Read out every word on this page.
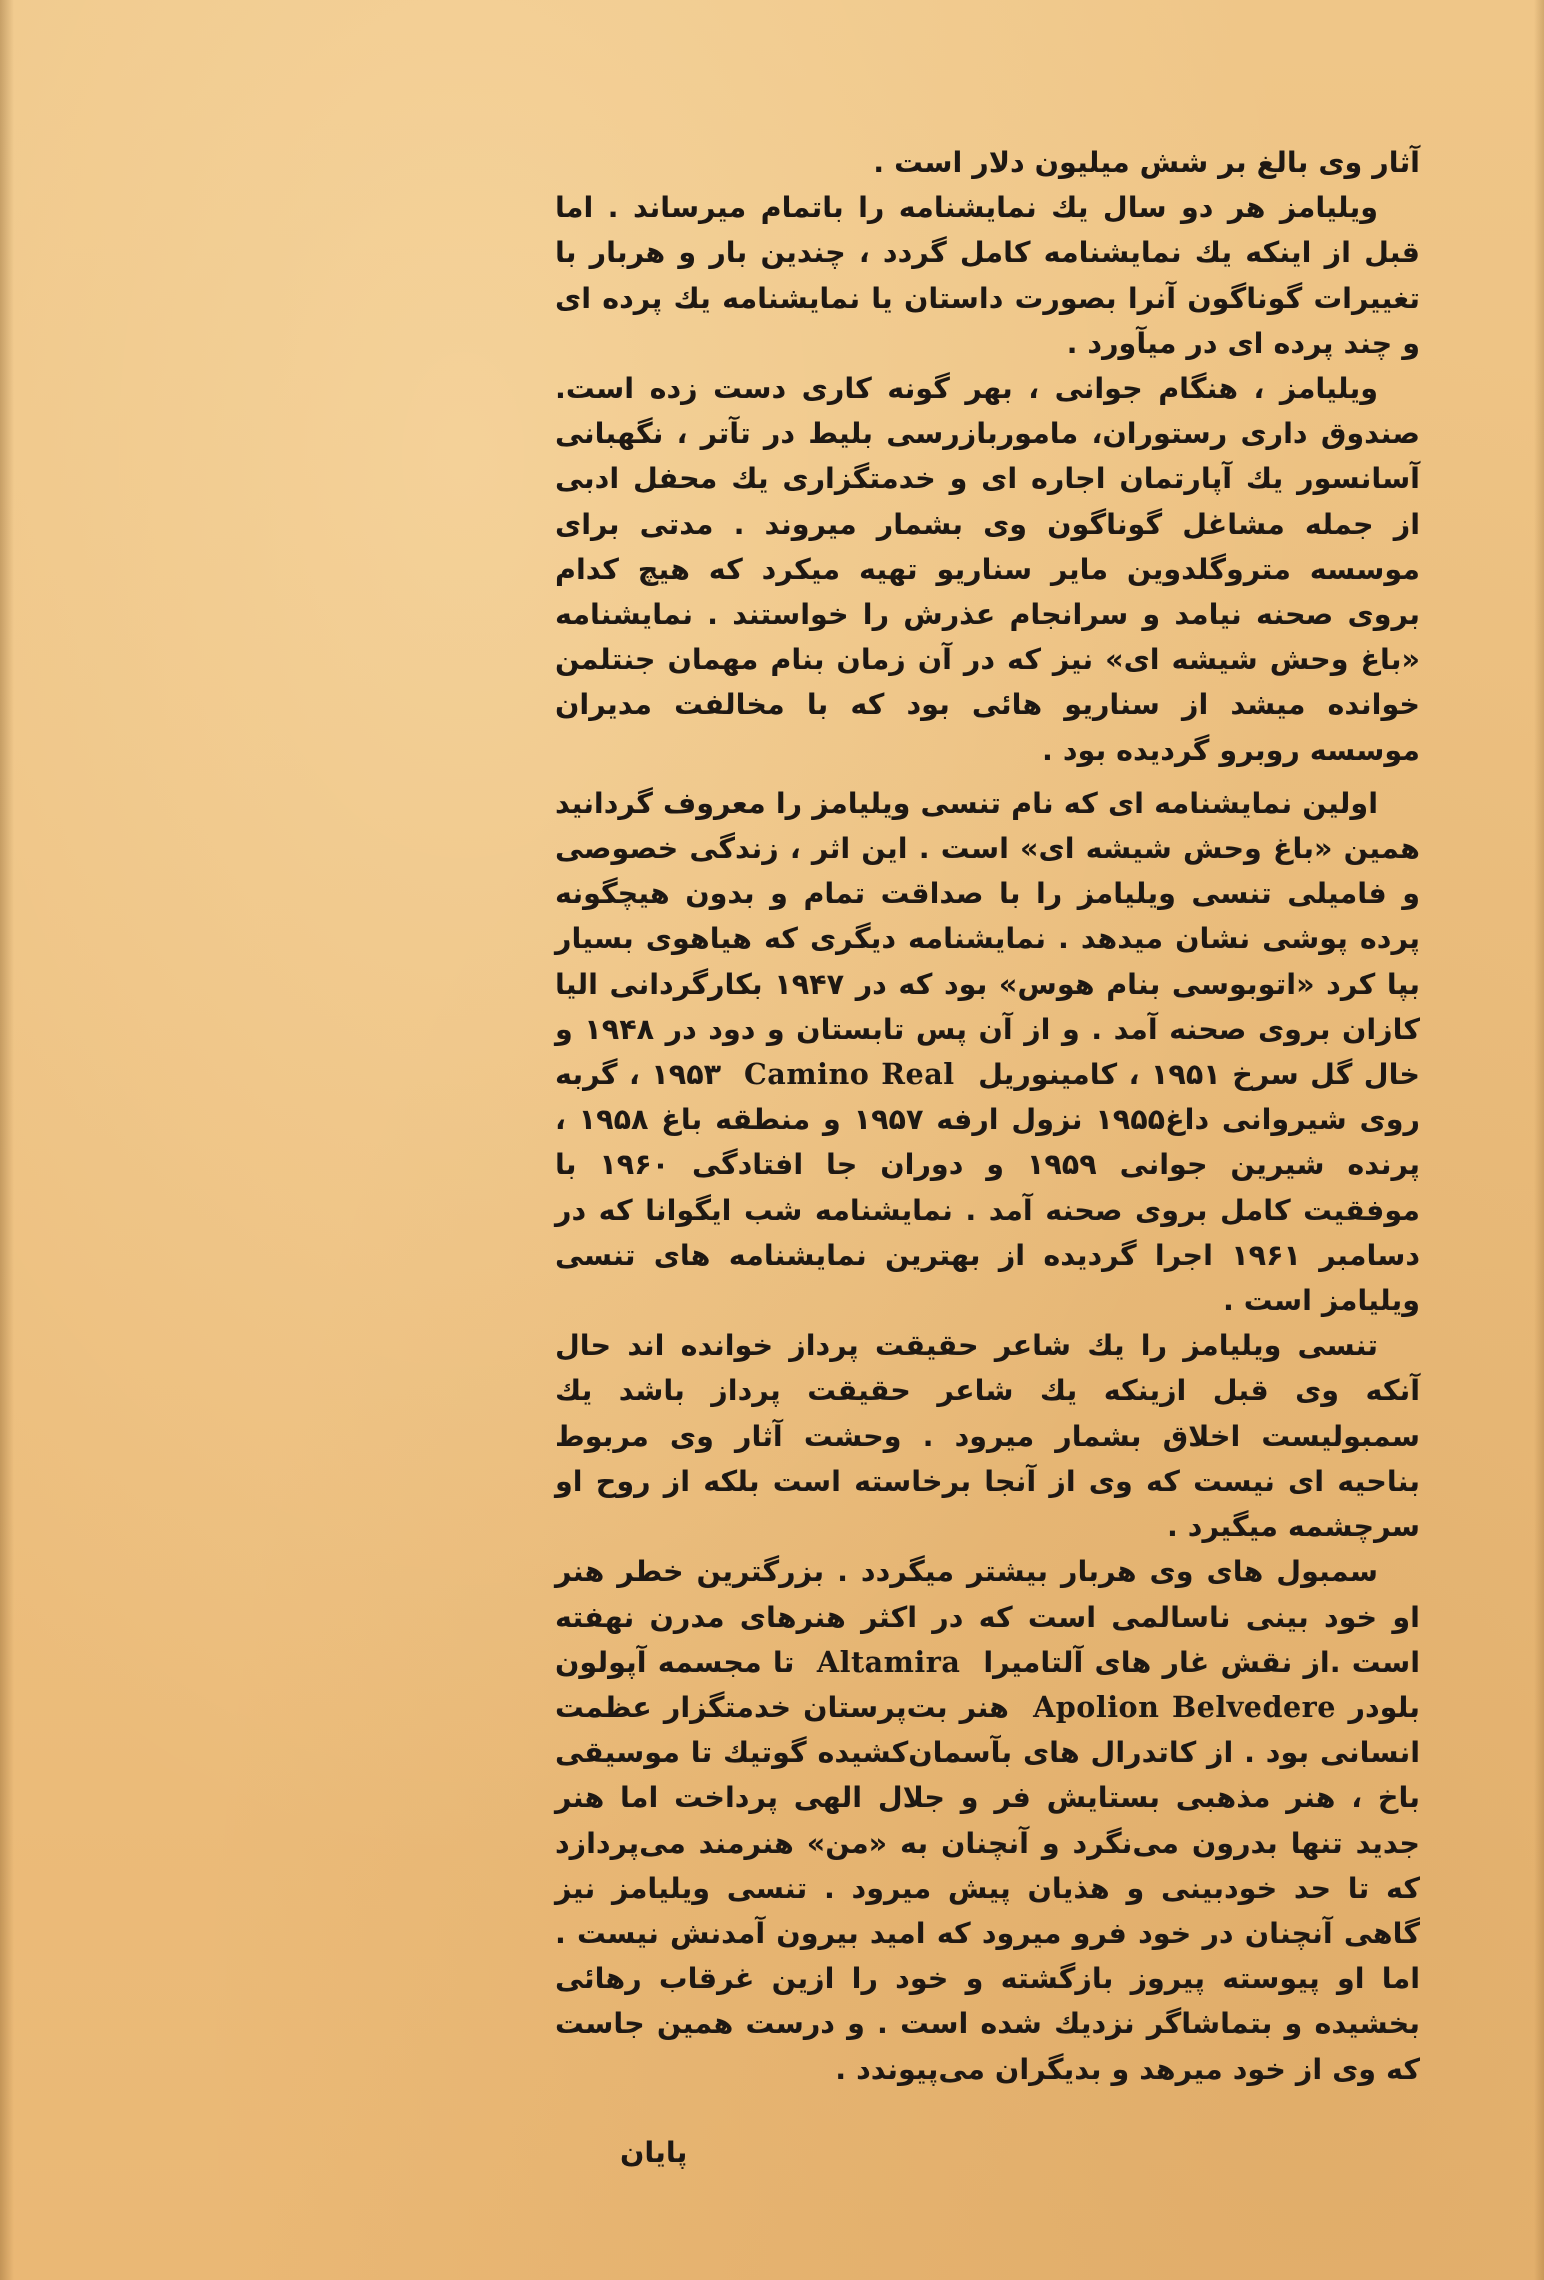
آثار وی بالغ بر شش میلیون دلار است .

ویلیامز هر دو سال یك نمایشنامه را باتمام میرساند . اما قبل از اینکه یك نمایشنامه کامل گردد ، چندین بار و هربار با تغییرات گوناگون آنرا بصورت داستان یا نمایشنامه یك پرده ای و چند پرده ای در میآورد .

ویلیامز ، هنگام جوانی ، بهر گونه کاری دست زده است. صندوق داری رستوران، ماموربازرسی بلیط در تآتر ، نگهبانی آسانسور یك آپارتمان اجاره ای و خدمتگزاری یك محفل ادبی از جمله مشاغل گوناگون وی بشمار میروند . مدتی برای موسسه متروگلدوین مایر سناریو تهیه میکرد که هیچ کدام بروی صحنه نیامد و سرانجام عذرش را خواستند . نمایشنامه «باغ وحش شیشه ای» نیز که در آن زمان بنام مهمان جنتلمن خوانده میشد از سناریو هائی بود که با مخالفت مدیران موسسه روبرو گردیده بود .

اولین نمایشنامه ای که نام تنسی ویلیامز را معروف گردانید همین «باغ وحش شیشه ای» است . این اثر ، زندگی خصوصی و فامیلی تنسی ویلیامز را با صداقت تمام و بدون هیچگونه پرده پوشی نشان میدهد . نمایشنامه دیگری که هیاهوی بسیار بپا کرد «اتوبوسی بنام هوس» بود که در ۱۹۴۷ بکارگردانی الیا کازان بروی صحنه آمد . و از آن پس تابستان و دود در ۱۹۴۸ و خال گل سرخ ۱۹۵۱ ، کامینوریل  Camino Real  ۱۹۵۳ ، گربه روی شیروانی داغ۱۹۵۵ نزول ارفه ۱۹۵۷ و منطقه باغ ۱۹۵۸ ، پرنده شیرین جوانی ۱۹۵۹ و دوران جا افتادگی ۱۹۶۰ با موفقیت کامل بروی صحنه آمد . نمایشنامه شب ایگوانا که در دسامبر ۱۹۶۱ اجرا گردیده از بهترین نمایشنامه های تنسی ویلیامز است .

تنسی ویلیامز را یك شاعر حقیقت پرداز خوانده اند حال آنکه وی قبل ازینکه یك شاعر حقیقت پرداز باشد یك سمبولیست اخلاق بشمار میرود . وحشت آثار وی مربوط بناحیه ای نیست که وی از آنجا برخاسته است بلکه از روح او سرچشمه میگیرد .

سمبول های وی هربار بیشتر میگردد . بزرگترین خطر هنر او خود بینی ناسالمی است که در اکثر هنرهای مدرن نهفته است .از نقش غار های آلتامیرا  Altamira  تا مجسمه آپولون بلودر Apolion Belvedere  هنر بت‌پرستان خدمتگزار عظمت انسانی بود . از کاتدرال های بآسمان‌کشیده گوتیك تا موسیقی باخ ، هنر مذهبی بستایش فر و جلال الهی پرداخت اما هنر جدید تنها بدرون می‌نگرد و آنچنان به «من» هنرمند می‌پردازد که تا حد خودبینی و هذیان پیش میرود . تنسی ویلیامز نیز گاهی آنچنان در خود فرو میرود که امید بیرون آمدنش نیست . اما او پیوسته پیروز بازگشته و خود را ازین غرقاب رهائی بخشیده و بتماشاگر نزدیك شده است . و درست همین جاست که وی از خود میرهد و بدیگران می‌پیوندد .

پایان
